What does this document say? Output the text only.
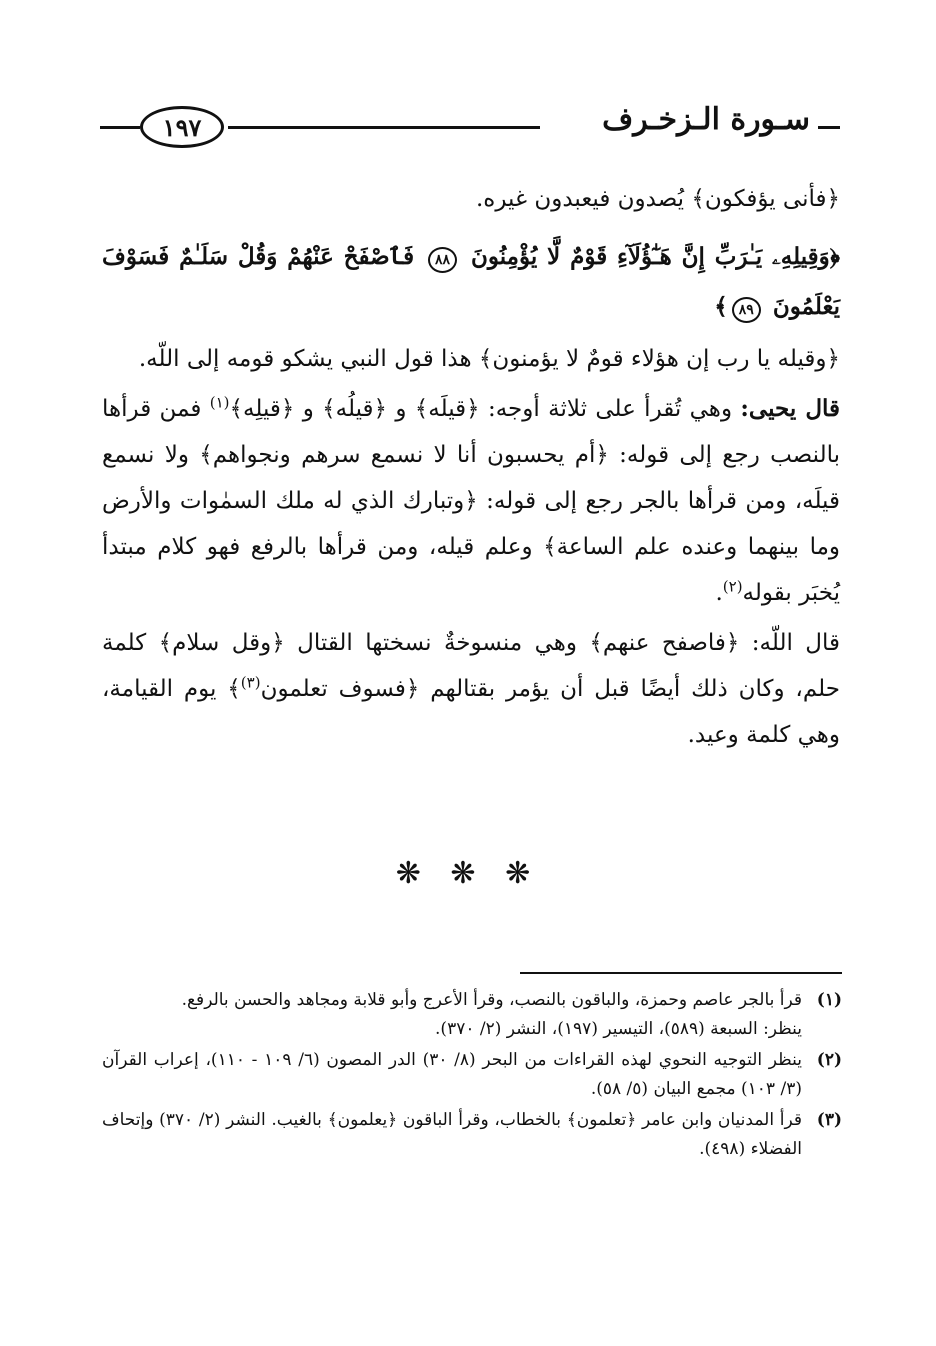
سـورة الـزخـرف
١٩٧

﴿فأنى يؤفكون﴾ يُصدون فيعبدون غيره.

﴿وَقِيلِهِۦ يَـٰرَبِّ إِنَّ هَـٰٓؤُلَآءِ قَوْمٌ لَّا يُؤْمِنُونَ ٨٨ فَٱصْفَحْ عَنْهُمْ وَقُلْ سَلَـٰمٌ فَسَوْفَ يَعْلَمُونَ ٨٩﴾

﴿وقيله يا رب إن هؤلاء قومٌ لا يؤمنون﴾ هذا قول النبي يشكو قومه إلى اللّه.

قال يحيى: وهي تُقرأ على ثلاثة أوجه: ﴿قيلَه﴾ و ﴿قيلُه﴾ و ﴿قيلِه﴾$^{(١)}$ فمن قرأها بالنصب رجع إلى قوله: ﴿أم يحسبون أنا لا نسمع سرهم ونجواهم﴾ ولا نسمع قيلَه، ومن قرأها بالجر رجع إلى قوله: ﴿وتبارك الذي له ملك السمٰوات والأرض وما بينهما وعنده علم الساعة﴾ وعلم قيله، ومن قرأها بالرفع فهو كلام مبتدأ يُخبَر بقوله$^{(٢)}$.

قال اللّه: ﴿فاصفح عنهم﴾ وهي منسوخةٌ نسختها القتال ﴿وقل سلام﴾ كلمة حلم، وكان ذلك أيضًا قبل أن يؤمر بقتالهم ﴿فسوف تعلمون$^{(٣)}$﴾ يوم القيامة، وهي كلمة وعيد.

❋ ❋ ❋
(١)
قرأ بالجر عاصم وحمزة، والباقون بالنصب، وقرأ الأعرج وأبو قلابة ومجاهد والحسن بالرفع.
ينظر: السبعة (٥٨٩)، التيسير (١٩٧)، النشر (٢/ ٣٧٠).
(٢)
ينظر التوجيه النحوي لهذه القراءات من البحر (٨/ ٣٠) الدر المصون (٦/ ١٠٩ - ١١٠)، إعراب القرآن (٣/ ١٠٣) مجمع البيان (٥/ ٥٨).
(٣)
قرأ المدنيان وابن عامر ﴿تعلمون﴾ بالخطاب، وقرأ الباقون ﴿يعلمون﴾ بالغيب. النشر (٢/ ٣٧٠) وإتحاف الفضلاء (٤٩٨).
